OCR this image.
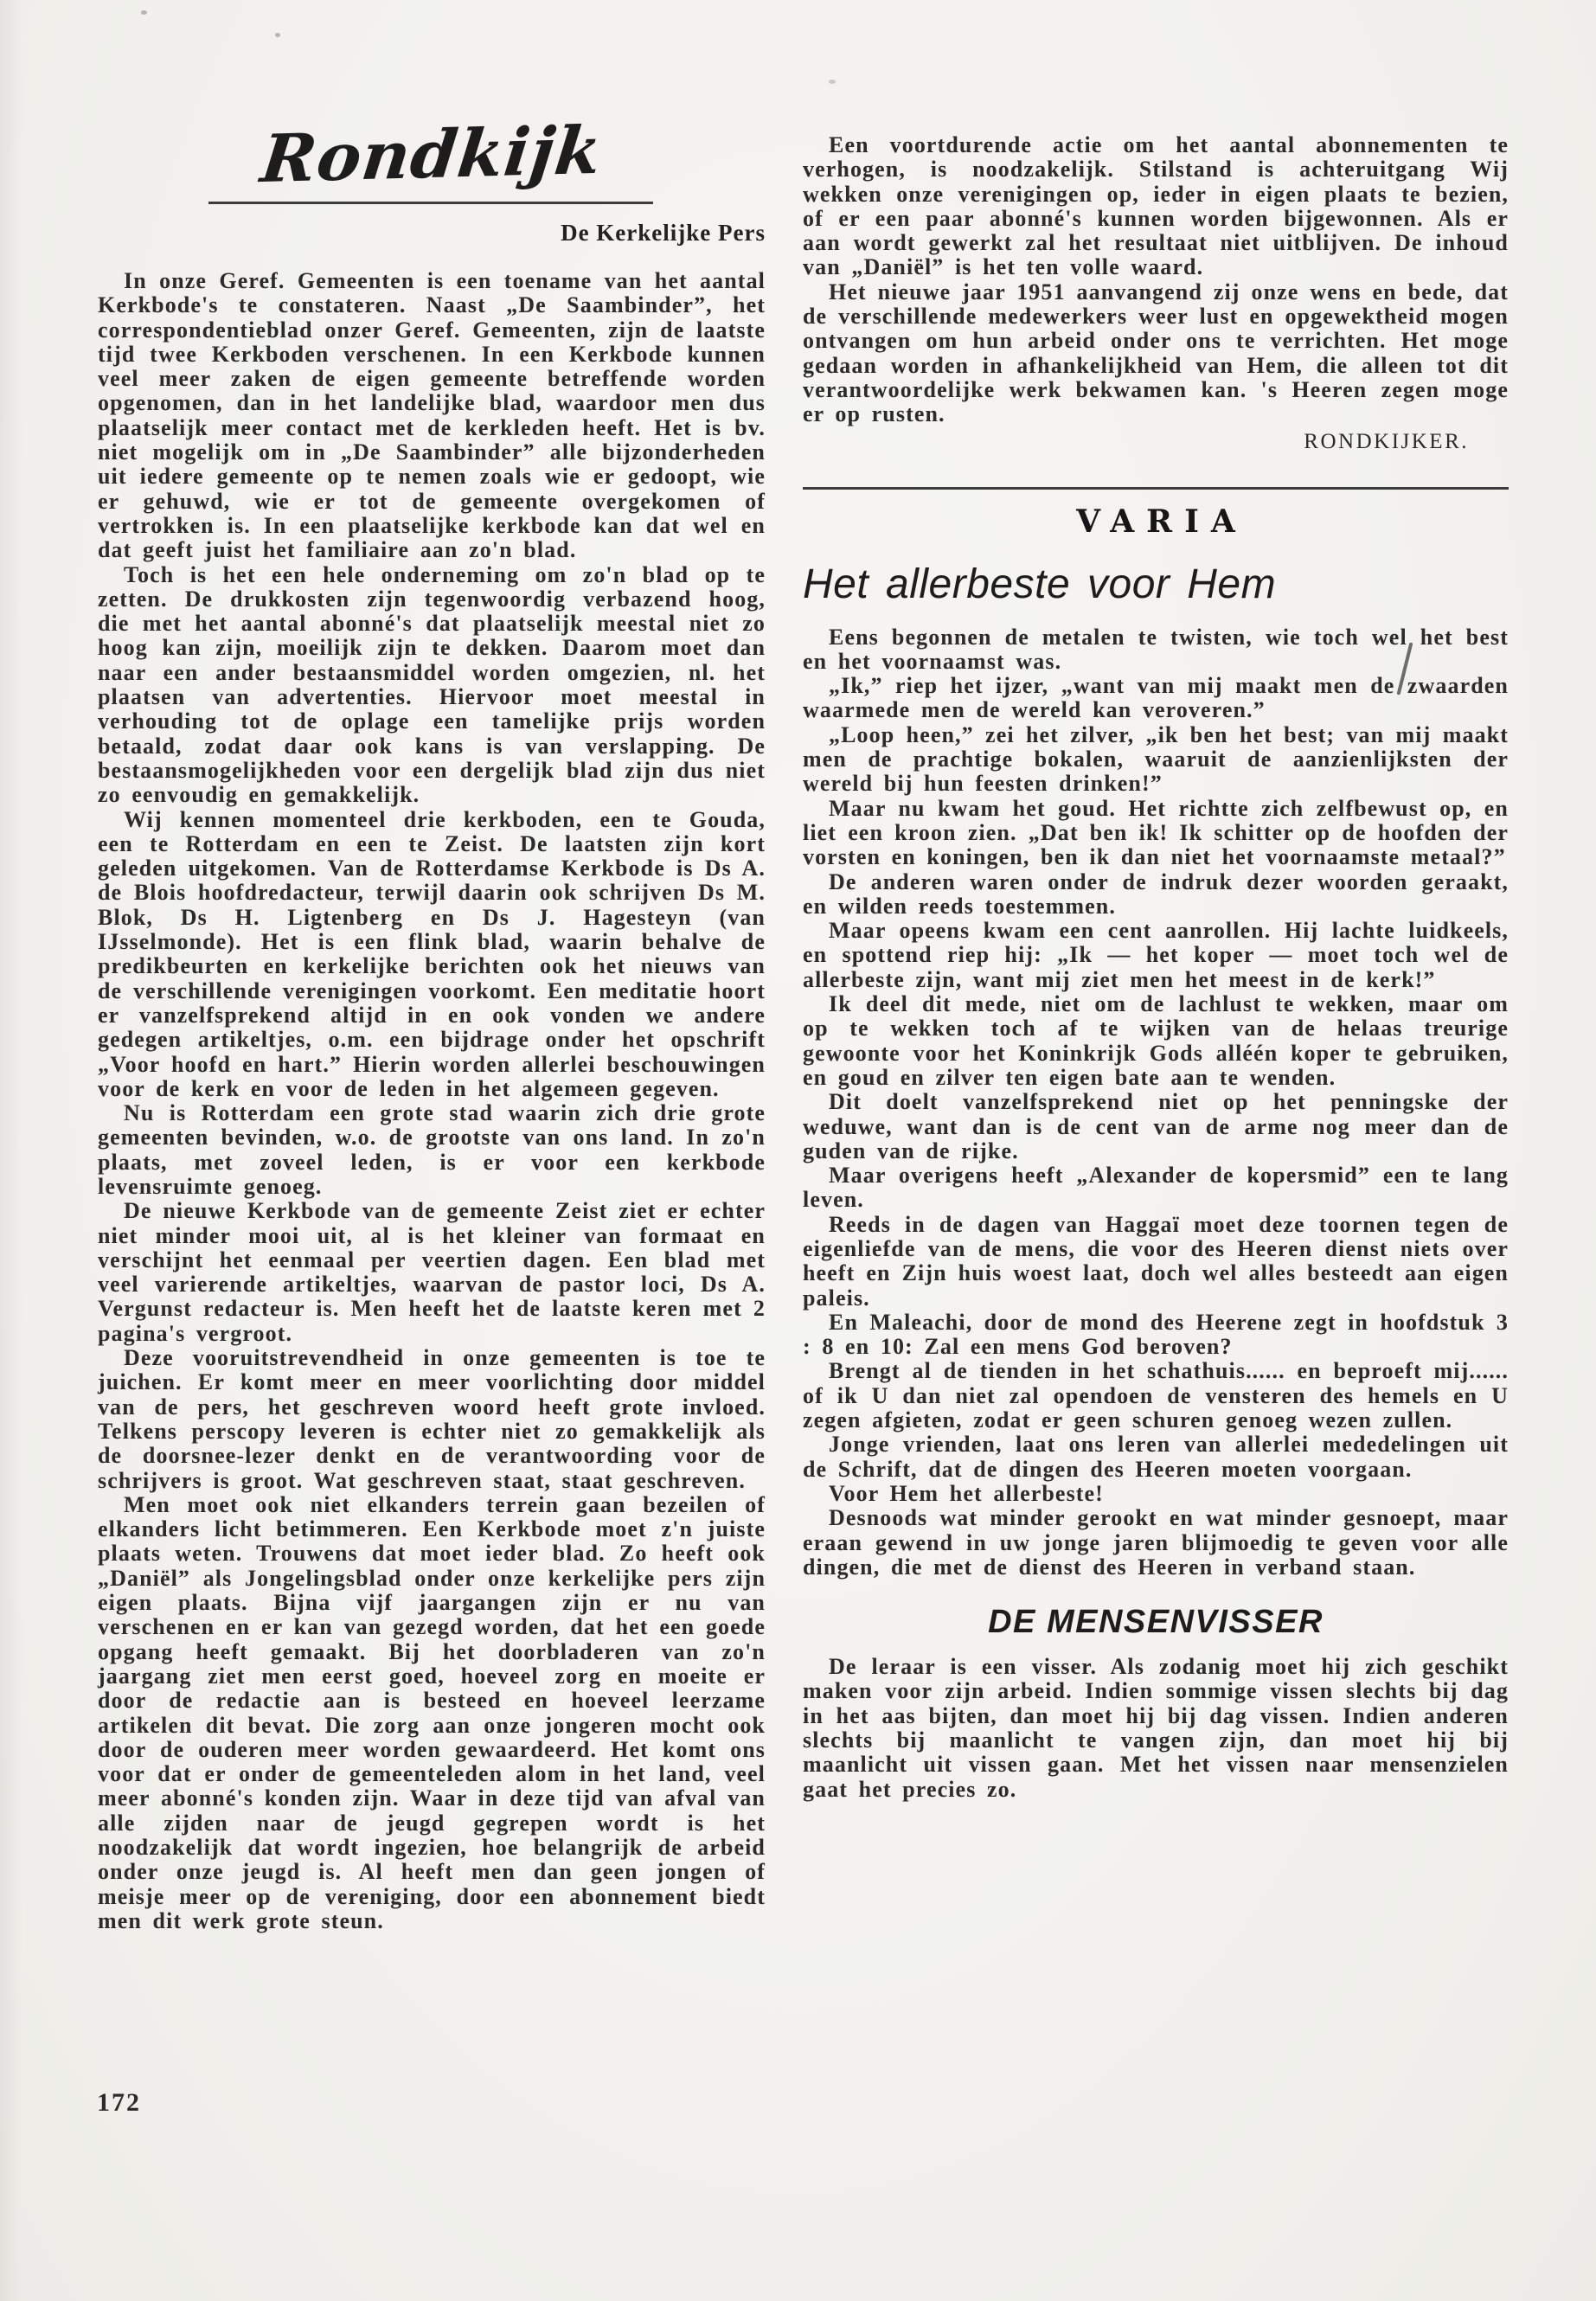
Rondkijk
De Kerkelijke Pers

In onze Geref. Gemeenten is een toename van het aantal Kerkbode's te constateren. Naast „De Saambinder”, het correspondentieblad onzer Geref. Gemeenten, zijn de laatste tijd twee Kerkboden verschenen. In een Kerkbode kunnen veel meer zaken de eigen gemeente betreffende worden opgenomen, dan in het landelijke blad, waardoor men dus plaatselijk meer contact met de kerkleden heeft. Het is bv. niet mogelijk om in „De Saambinder” alle bijzonderheden uit iedere gemeente op te nemen zoals wie er gedoopt, wie er gehuwd, wie er tot de gemeente overgekomen of vertrokken is. In een plaatselijke kerkbode kan dat wel en dat geeft juist het familiaire aan zo'n blad.

Toch is het een hele onderneming om zo'n blad op te zetten. De drukkosten zijn tegenwoordig verbazend hoog, die met het aantal abonné's dat plaatselijk meestal niet zo hoog kan zijn, moeilijk zijn te dekken. Daarom moet dan naar een ander bestaansmiddel worden omgezien, nl. het plaatsen van advertenties. Hiervoor moet meestal in verhouding tot de oplage een tamelijke prijs worden betaald, zodat daar ook kans is van verslapping. De bestaansmogelijkheden voor een dergelijk blad zijn dus niet zo eenvoudig en gemakkelijk.

Wij kennen momenteel drie kerkboden, een te Gouda, een te Rotterdam en een te Zeist. De laatsten zijn kort geleden uitgekomen. Van de Rotterdamse Kerkbode is Ds A. de Blois hoofdredacteur, terwijl daarin ook schrijven Ds M. Blok, Ds H. Ligtenberg en Ds J. Hagesteyn (van IJsselmonde). Het is een flink blad, waarin behalve de predikbeurten en kerkelijke berichten ook het nieuws van de verschillende verenigingen voorkomt. Een meditatie hoort er vanzelfsprekend altijd in en ook vonden we andere gedegen artikeltjes, o.m. een bijdrage onder het opschrift „Voor hoofd en hart.” Hierin worden allerlei beschouwingen voor de kerk en voor de leden in het algemeen gegeven.

Nu is Rotterdam een grote stad waarin zich drie grote gemeenten bevinden, w.o. de grootste van ons land. In zo'n plaats, met zoveel leden, is er voor een kerkbode levensruimte genoeg.

De nieuwe Kerkbode van de gemeente Zeist ziet er echter niet minder mooi uit, al is het kleiner van formaat en verschijnt het eenmaal per veertien dagen. Een blad met veel varierende artikeltjes, waarvan de pastor loci, Ds A. Vergunst redacteur is. Men heeft het de laatste keren met 2 pagina's vergroot.

Deze vooruitstrevendheid in onze gemeenten is toe te juichen. Er komt meer en meer voorlichting door middel van de pers, het geschreven woord heeft grote invloed. Telkens perscopy leveren is echter niet zo gemakkelijk als de doorsnee-lezer denkt en de verantwoording voor de schrijvers is groot. Wat geschreven staat, staat geschreven.

Men moet ook niet elkanders terrein gaan bezeilen of elkanders licht betimmeren. Een Kerkbode moet z'n juiste plaats weten. Trouwens dat moet ieder blad. Zo heeft ook „Daniël” als Jongelingsblad onder onze kerkelijke pers zijn eigen plaats. Bijna vijf jaargangen zijn er nu van verschenen en er kan van gezegd worden, dat het een goede opgang heeft gemaakt. Bij het doorbladeren van zo'n jaargang ziet men eerst goed, hoeveel zorg en moeite er door de redactie aan is besteed en hoeveel leerzame artikelen dit bevat. Die zorg aan onze jongeren mocht ook door de ouderen meer worden gewaardeerd. Het komt ons voor dat er onder de gemeenteleden alom in het land, veel meer abonné's konden zijn. Waar in deze tijd van afval van alle zijden naar de jeugd gegrepen wordt is het noodzakelijk dat wordt ingezien, hoe belangrijk de arbeid onder onze jeugd is. Al heeft men dan geen jongen of meisje meer op de vereniging, door een abonnement biedt men dit werk grote steun.

Een voortdurende actie om het aantal abonnementen te verhogen, is noodzakelijk. Stilstand is achteruitgang Wij wekken onze verenigingen op, ieder in eigen plaats te bezien, of er een paar abonné's kunnen worden bijgewonnen. Als er aan wordt gewerkt zal het resultaat niet uitblijven. De inhoud van „Daniël” is het ten volle waard.

Het nieuwe jaar 1951 aanvangend zij onze wens en bede, dat de verschillende medewerkers weer lust en opgewektheid mogen ontvangen om hun arbeid onder ons te verrichten. Het moge gedaan worden in afhankelijkheid van Hem, die alleen tot dit verantwoordelijke werk bekwamen kan. 's Heeren zegen moge er op rusten.

RONDKIJKER.
VARIA
Het allerbeste voor Hem

Eens begonnen de metalen te twisten, wie toch wel het best en het voornaamst was.

„Ik,” riep het ijzer, „want van mij maakt men de zwaarden waarmede men de wereld kan veroveren.”

„Loop heen,” zei het zilver, „ik ben het best; van mij maakt men de prachtige bokalen, waaruit de aanzienlijksten der wereld bij hun feesten drinken!”

Maar nu kwam het goud. Het richtte zich zelfbewust op, en liet een kroon zien. „Dat ben ik! Ik schitter op de hoofden der vorsten en koningen, ben ik dan niet het voornaamste metaal?”

De anderen waren onder de indruk dezer woorden geraakt, en wilden reeds toestemmen.

Maar opeens kwam een cent aanrollen. Hij lachte luidkeels, en spottend riep hij: „Ik — het koper — moet toch wel de allerbeste zijn, want mij ziet men het meest in de kerk!”

Ik deel dit mede, niet om de lachlust te wekken, maar om op te wekken toch af te wijken van de helaas treurige gewoonte voor het Koninkrijk Gods alléén koper te gebruiken, en goud en zilver ten eigen bate aan te wenden.

Dit doelt vanzelfsprekend niet op het penningske der weduwe, want dan is de cent van de arme nog meer dan de guden van de rijke.

Maar overigens heeft „Alexander de kopersmid” een te lang leven.

Reeds in de dagen van Haggaï moet deze toornen tegen de eigenliefde van de mens, die voor des Heeren dienst niets over heeft en Zijn huis woest laat, doch wel alles besteedt aan eigen paleis.

En Maleachi, door de mond des Heerene zegt in hoofdstuk 3 : 8 en 10: Zal een mens God beroven?

Brengt al de tienden in het schathuis...... en beproeft mij...... of ik U dan niet zal opendoen de vensteren des hemels en U zegen afgieten, zodat er geen schuren genoeg wezen zullen.

Jonge vrienden, laat ons leren van allerlei mededelingen uit de Schrift, dat de dingen des Heeren moeten voorgaan.

Voor Hem het allerbeste!

Desnoods wat minder gerookt en wat minder gesnoept, maar eraan gewend in uw jonge jaren blijmoedig te geven voor alle dingen, die met de dienst des Heeren in verband staan.

DE MENSENVISSER

De leraar is een visser. Als zodanig moet hij zich geschikt maken voor zijn arbeid. Indien sommige vissen slechts bij dag in het aas bijten, dan moet hij bij dag vissen. Indien anderen slechts bij maanlicht te vangen zijn, dan moet hij bij maanlicht uit vissen gaan. Met het vissen naar mensenzielen gaat het precies zo.

172
